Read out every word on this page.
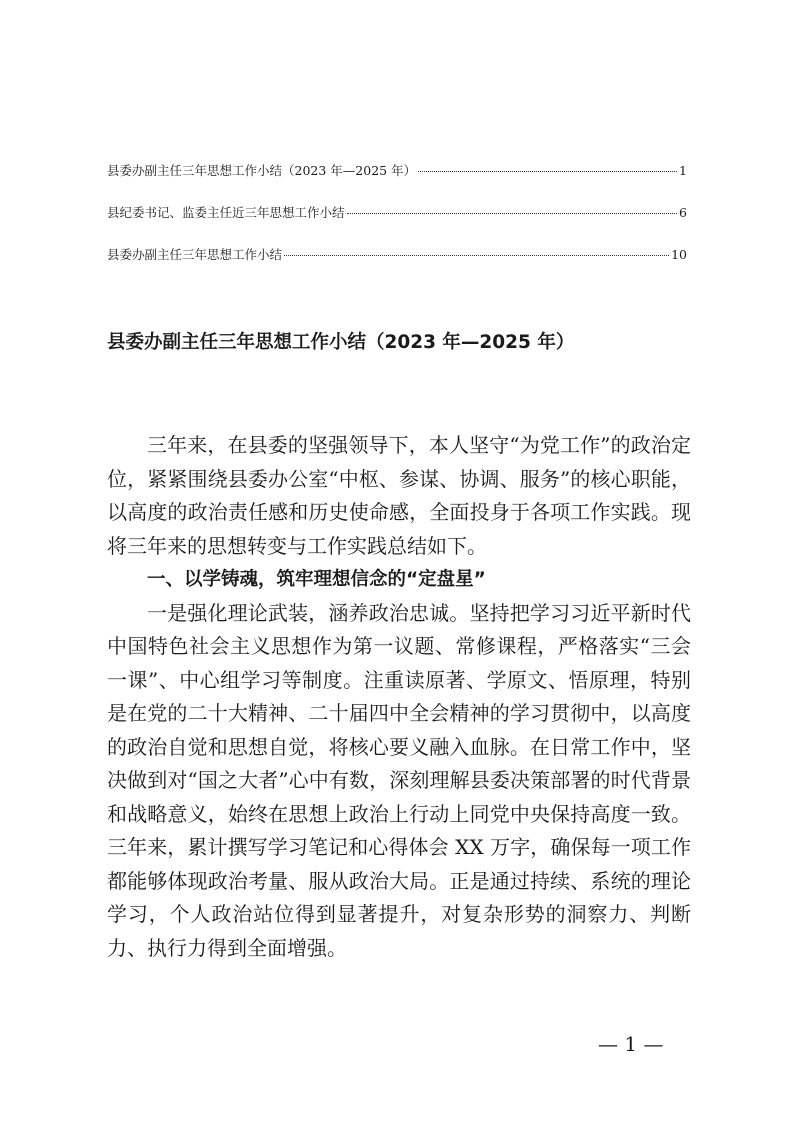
县委办副主任三年思想工作小结（2023 年—2025 年）	1
县纪委书记、监委主任近三年思想工作小结	6
县委办副主任三年思想工作小结	10
县委办副主任三年思想工作小结（2023 年—2025 年）

三年来，在县委的坚强领导下，本人坚守“为党工作”的政治定位，紧紧围绕县委办公室“中枢、参谋、协调、服务”的核心职能，以高度的政治责任感和历史使命感，全面投身于各项工作实践。现将三年来的思想转变与工作实践总结如下。

一、以学铸魂，筑牢理想信念的“定盘星”

一是强化理论武装，涵养政治忠诚。坚持把学习习近平新时代中国特色社会主义思想作为第一议题、常修课程，严格落实“三会一课”、中心组学习等制度。注重读原著、学原文、悟原理，特别是在党的二十大精神、二十届四中全会精神的学习贯彻中，以高度的政治自觉和思想自觉，将核心要义融入血脉。在日常工作中，坚决做到对“国之大者”心中有数，深刻理解县委决策部署的时代背景和战略意义，始终在思想上政治上行动上同党中央保持高度一致。三年来，累计撰写学习笔记和心得体会 XX 万字，确保每一项工作都能够体现政治考量、服从政治大局。正是通过持续、系统的理论学习，个人政治站位得到显著提升，对复杂形势的洞察力、判断力、执行力得到全面增强。

— 1 —
